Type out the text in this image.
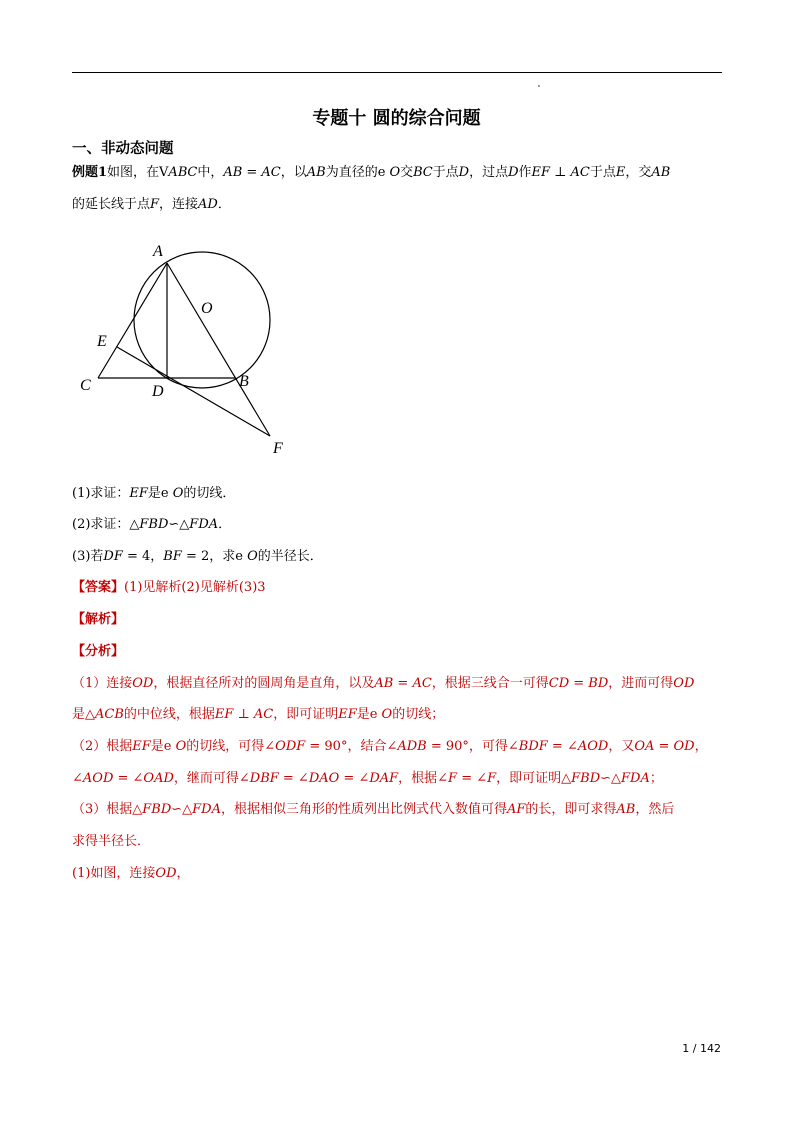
专题十 圆的综合问题
一、非动态问题
例题1如图，在V𝐴𝐵𝐶中，𝐴𝐵 = 𝐴𝐶，以𝐴𝐵为直径的e 𝑂交𝐵𝐶于点𝐷，过点𝐷作𝐸𝐹 ⊥ 𝐴𝐶于点𝐸，交𝐴𝐵
的延长线于点𝐹，连接𝐴𝐷．
A
O
E
C	D
B
F
(1)求证：𝐸𝐹是e 𝑂的切线．
(2)求证：△𝐹𝐵𝐷∽△𝐹𝐷𝐴．
(3)若𝐷𝐹 = 4，𝐵𝐹 = 2，求e 𝑂的半径长．
【答案】(1)见解析(2)见解析(3)3
【解析】
【分析】
（1）连接𝑂𝐷，根据直径所对的圆周角是直角，以及𝐴𝐵 = 𝐴𝐶，根据三线合一可得𝐶𝐷 = 𝐵𝐷，进而可得𝑂𝐷
是△𝐴𝐶𝐵的中位线，根据𝐸𝐹 ⊥ 𝐴𝐶，即可证明𝐸𝐹是e 𝑂的切线；
（2）根据𝐸𝐹是e 𝑂的切线，可得∠𝑂𝐷𝐹 = 90°，结合∠𝐴𝐷𝐵 = 90°，可得∠𝐵𝐷𝐹 = ∠𝐴𝑂𝐷，又𝑂𝐴 = 𝑂𝐷，
∠𝐴𝑂𝐷 = ∠𝑂𝐴𝐷，继而可得∠𝐷𝐵𝐹 = ∠𝐷𝐴𝑂 = ∠𝐷𝐴𝐹，根据∠𝐹 = ∠𝐹，即可证明△𝐹𝐵𝐷∽△𝐹𝐷𝐴；
（3）根据△𝐹𝐵𝐷∽△𝐹𝐷𝐴，根据相似三角形的性质列出比例式代入数值可得𝐴𝐹的长，即可求得𝐴𝐵，然后
求得半径长．
(1)如图，连接𝑂𝐷，
1 / 142
